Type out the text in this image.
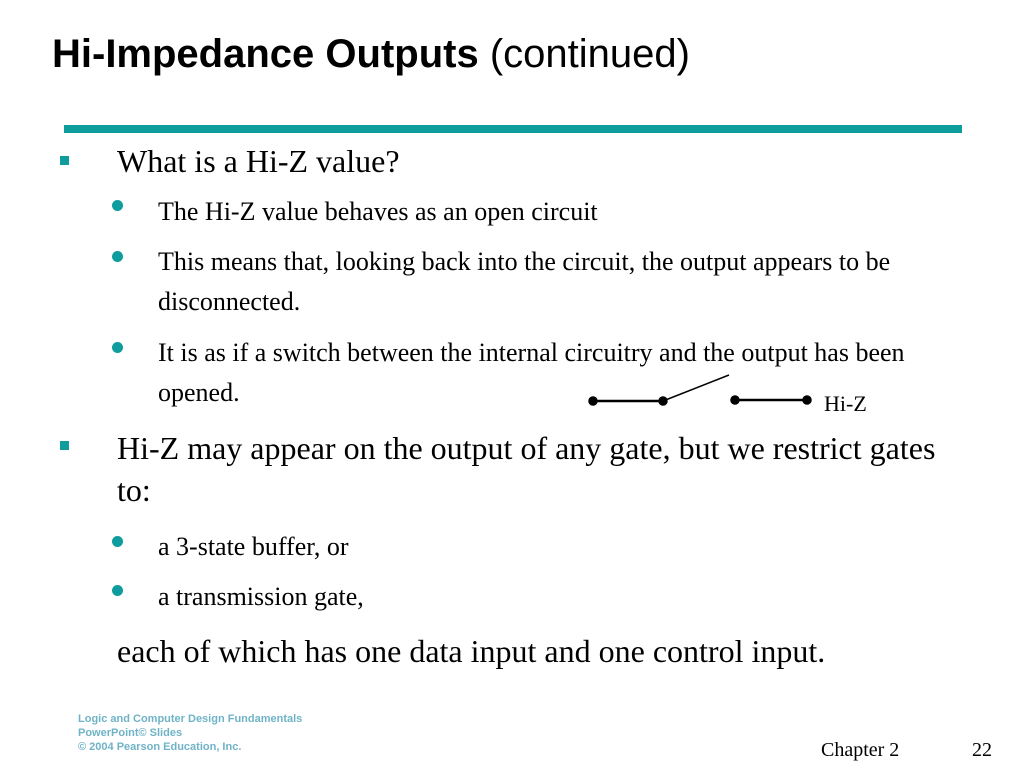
Hi-Impedance Outputs (continued)
What is a Hi-Z value?
The Hi-Z value behaves as an open circuit
This means that, looking back into the circuit, the output appears to be disconnected.
It is as if a switch between the internal circuitry and the output has been opened.	Hi-Z
Hi-Z may appear on the output of any gate, but we restrict gates to:
a 3-state buffer, or
a transmission gate,
each of which has one data input and one control input.
Logic and Computer Design Fundamentals
PowerPoint© Slides
© 2004 Pearson Education, Inc.	Chapter 2	22
